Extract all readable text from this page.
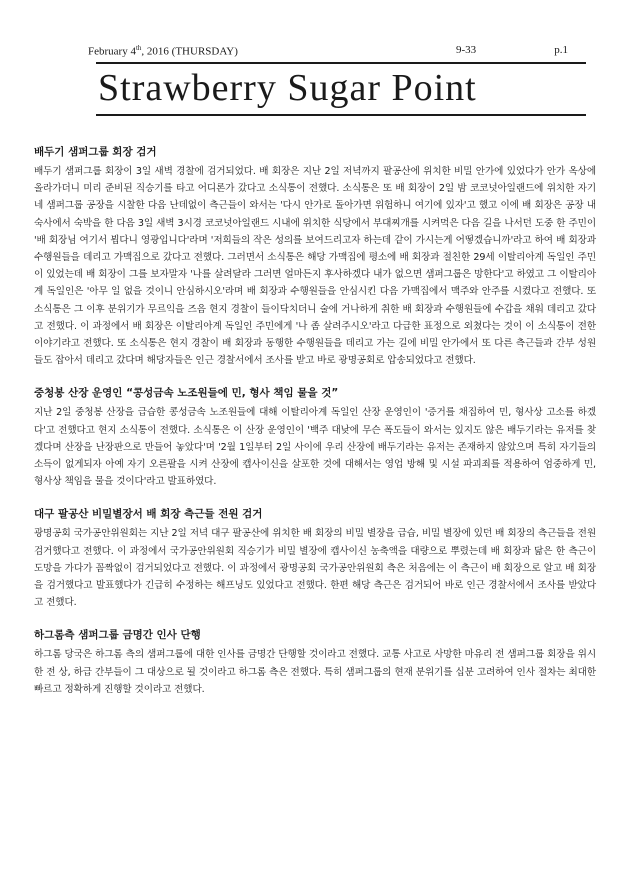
February 4th, 2016 (THURSDAY)	9-33	p.1
Strawberry Sugar Point
배두기 샘퍼그룹 회장 검거

배두기 샘퍼그룹 회장이 3일 새벽 경찰에 검거되었다. 배 회장은 지난 2일 저녁까지 팔공산에 위치한 비밀 안가에 있었다가 안가 옥상에 올라가더니 미리 준비된 직승기를 타고 어디론가 갔다고 소식통이 전했다. 소식통은 또 배 회장이 2일 밤 코코넛아일랜드에 위치한 자기네 샘퍼그룹 공장을 시찰한 다음 난데없이 측근들이 와서는 '다시 안가로 돌아가면 위험하니 여기에 있자'고 했고 이에 배 회장은 공장 내 숙사에서 숙박을 한 다음 3일 새벽 3시경 코코넛아일랜드 시내에 위치한 식당에서 부대찌개를 시켜먹은 다음 길을 나서던 도중 한 주민이 '배 회장님 여기서 뵙다니 영광입니다'라며 '저희들의 작은 성의를 보여드리고자 하는데 같이 가시는게 어떻겠습니까'라고 하여 배 회장과 수행원들을 데리고 가맥집으로 갔다고 전했다. 그러면서 소식통은 해당 가맥집에 평소에 배 회장과 절친한 29세 이탈리아계 독일인 주민이 있었는데 배 회장이 그를 보자말자 '나를 살려달라 그러면 얼마든지 후사하겠다 내가 없으면 샘퍼그룹은 망한다'고 하였고 그 이탈리아계 독일인은 '아무 일 없을 것이니 안심하시오'라며 배 회장과 수행원들을 안심시킨 다음 가맥집에서 맥주와 안주를 시켰다고 전했다. 또 소식통은 그 이후 분위기가 무르익을 즈음 현지 경찰이 들이닥치더니 술에 거나하게 취한 배 회장과 수행원들에 수갑을 채워 데리고 갔다고 전했다. 이 과정에서 배 회장은 이탈리아계 독일인 주민에게 '나 좀 살려주시오'라고 다급한 표정으로 외쳤다는 것이 이 소식통이 전한 이야기라고 전했다. 또 소식통은 현지 경찰이 배 회장과 동행한 수행원들을 데리고 가는 길에 비밀 안가에서 또 다른 측근들과 간부 성원들도 잡아서 데리고 갔다며 해당자들은 인근 경찰서에서 조사를 받고 바로 광명공회로 압송되었다고 전했다.

중청봉 산장 운영인 “콩성금속 노조원들에 민, 형사 책임 물을 것”

지난 2일 중청봉 산장을 급습한 콩성금속 노조원들에 대해 이탈리아계 독일인 산장 운영인이 '증거를 채집하여 민, 형사상 고소를 하겠다'고 전했다고 현지 소식통이 전했다. 소식통은 이 산장 운영인이 '백주 대낮에 무슨 폭도들이 와서는 있지도 않은 배두기라는 유저를 찾겠다며 산장을 난장판으로 만들어 놓았다'며 '2월 1일부터 2일 사이에 우리 산장에 배두기라는 유저는 존재하지 않았으며 특히 자기들의 소득이 없게되자 아예 자기 오른팔을 시켜 산장에 캡사이신을 살포한 것에 대해서는 영업 방해 및 시설 파괴죄를 적용하여 엄중하게 민, 형사상 책임을 물을 것이다'라고 발표하였다.

대구 팔공산 비밀별장서 배 회장 측근들 전원 검거

광명공회 국가공안위원회는 지난 2일 저녁 대구 팔공산에 위치한 배 회장의 비밀 별장을 급습, 비밀 별장에 있던 배 회장의 측근들을 전원 검거했다고 전했다. 이 과정에서 국가공안위원회 직승기가 비밀 별장에 캡사이신 농축액을 대량으로 뿌렸는데 배 회장과 닮은 한 측근이 도망을 가다가 꼼짝없이 검거되었다고 전했다. 이 과정에서 광명공회 국가공안위원회 측은 처음에는 이 측근이 배 회장으로 알고 배 회장을 검거했다고 발표했다가 긴급히 수정하는 해프닝도 있었다고 전했다. 한편 해당 측근은 검거되어 바로 인근 경찰서에서 조사를 받았다고 전했다.

하그롬측 샘퍼그룹 금명간 인사 단행

하그롬 당국은 하그롬 측의 샘퍼그룹에 대한 인사를 금명간 단행할 것이라고 전했다. 교통 사고로 사망한 마유리 전 샘퍼그룹 회장을 위시한 전 상, 하급 간부들이 그 대상으로 될 것이라고 하그롬 측은 전했다. 특히 샘퍼그룹의 현재 분위기를 십분 고려하여 인사 절차는 최대한 빠르고 정확하게 진행할 것이라고 전했다.
